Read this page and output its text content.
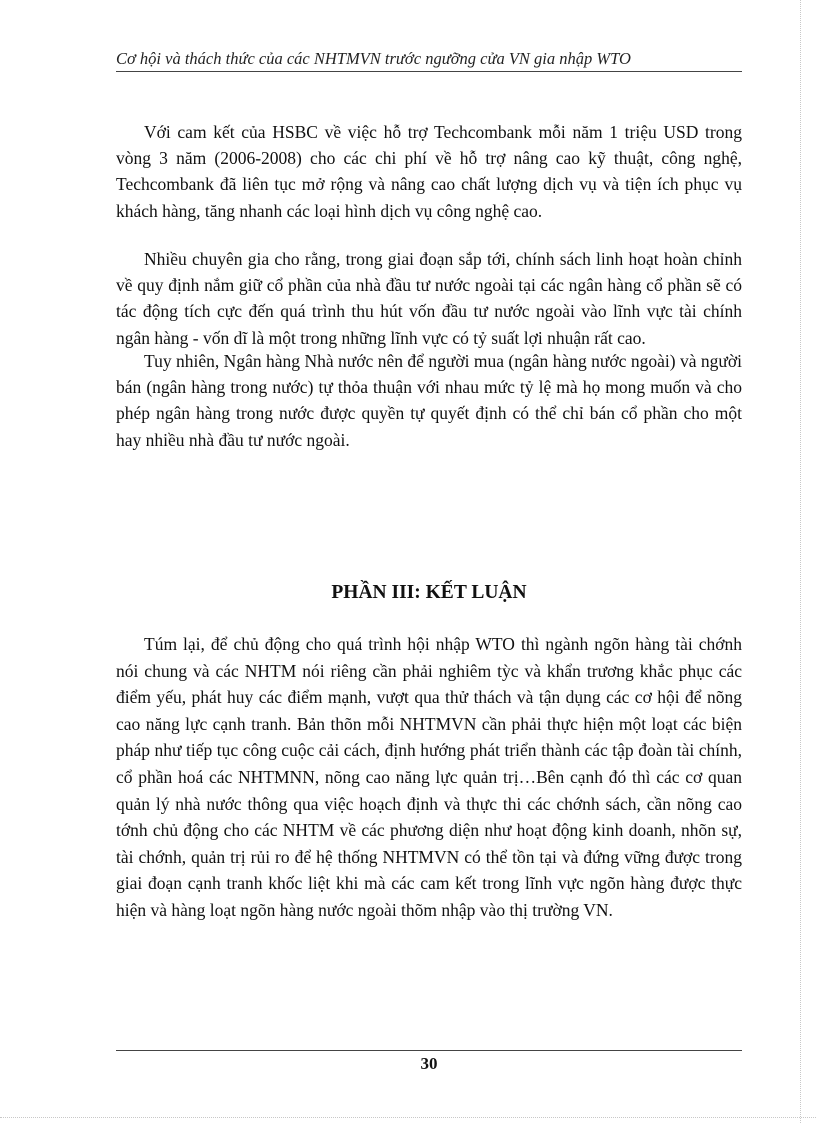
Cơ hội và thách thức của các NHTMVN trước ngưỡng cửa VN gia nhập WTO

Với cam kết của HSBC về việc hỗ trợ Techcombank mỗi năm 1 triệu USD trong vòng 3 năm (2006-2008) cho các chi phí về hỗ trợ nâng cao kỹ thuật, công nghệ, Techcombank đã liên tục mở rộng và nâng cao chất lượng dịch vụ và tiện ích phục vụ khách hàng, tăng nhanh các loại hình dịch vụ công nghệ cao.

Nhiều chuyên gia cho rằng, trong giai đoạn sắp tới, chính sách linh hoạt hoàn chỉnh về quy định nắm giữ cổ phần của nhà đầu tư nước ngoài tại các ngân hàng cổ phần sẽ có tác động tích cực đến quá trình thu hút vốn đầu tư nước ngoài vào lĩnh vực tài chính ngân hàng - vốn dĩ là một trong những lĩnh vực có tỷ suất lợi nhuận rất cao.

Tuy nhiên, Ngân hàng Nhà nước nên để người mua (ngân hàng nước ngoài) và người bán (ngân hàng trong nước) tự thỏa thuận với nhau mức tỷ lệ mà họ mong muốn và cho phép ngân hàng trong nước được quyền tự quyết định có thể chỉ bán cổ phần cho một hay nhiều nhà đầu tư nước ngoài.

PHẦN III: KẾT LUẬN

Túm lại, để chủ động cho quá trình hội nhập WTO thì ngành ngõn hàng tài chớnh nói chung và các NHTM nói riêng cần phải nghiêm tỳc và khẩn trương khắc phục các điểm yếu, phát huy các điểm mạnh, vượt qua thử thách và tận dụng các cơ hội để nõng cao năng lực cạnh tranh. Bản thõn mỗi NHTMVN cần phải thực hiện một loạt các biện pháp như tiếp tục công cuộc cải cách, định hướng phát triển thành các tập đoàn tài chính, cổ phần hoá các NHTMNN, nõng cao năng lực quản trị…Bên cạnh đó thì các cơ quan quản lý nhà nước thông qua việc hoạch định và thực thi các chớnh sách, cần nõng cao tớnh chủ động cho các NHTM về các phương diện như hoạt động kinh doanh, nhõn sự, tài chớnh, quản trị rủi ro để hệ thống NHTMVN có thể tồn tại và đứng vững được trong giai đoạn cạnh tranh khốc liệt khi mà các cam kết trong lĩnh vực ngõn hàng được thực hiện và hàng loạt ngõn hàng nước ngoài thõm nhập vào thị trường VN.

30
